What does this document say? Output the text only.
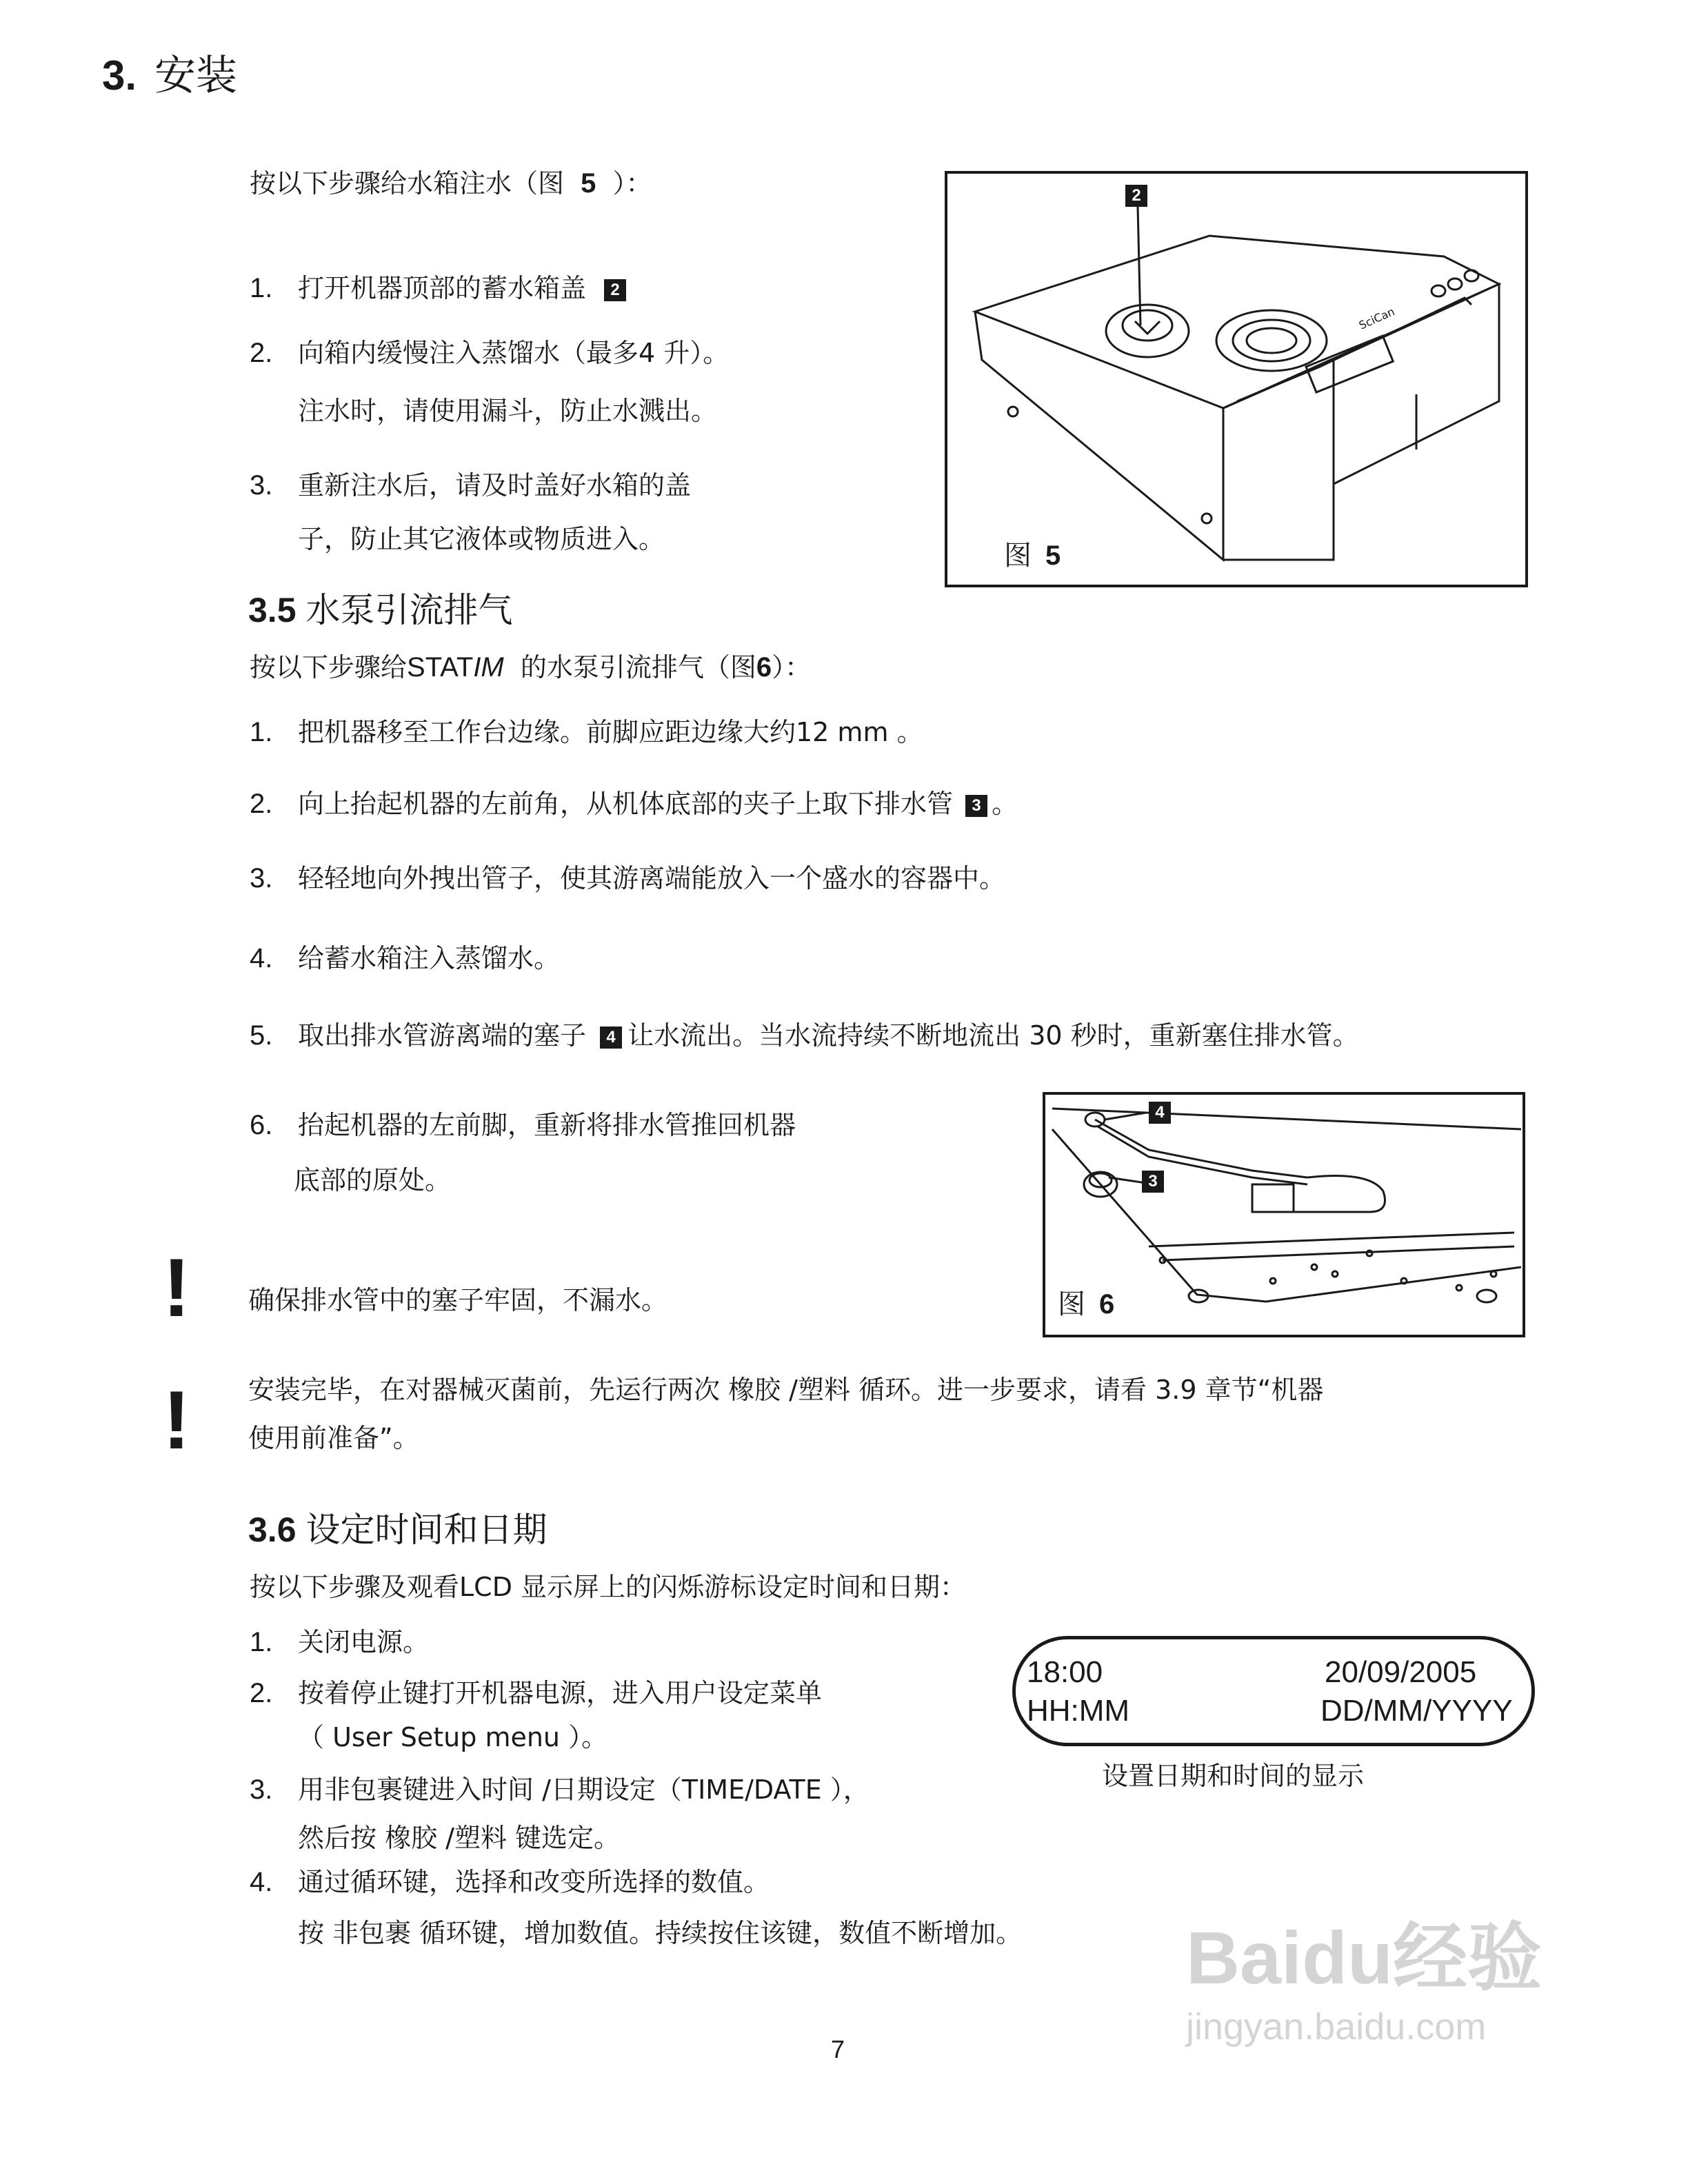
3. 安装
按以下步骤给水箱注水（图 5 ）：
1. 打开机器顶部的蓄水箱盖 2
2. 向箱内缓慢注入蒸馏水（最多4 升）。
注水时，请使用漏斗，防止水溅出。
3. 重新注水后，请及时盖好水箱的盖
子，防止其它液体或物质进入。
SciCan
2
图 5
3.5 水泵引流排气
按以下步骤给STATIM 的水泵引流排气（图6）：
1. 把机器移至工作台边缘。前脚应距边缘大约12 mm 。
2. 向上抬起机器的左前角，从机体底部的夹子上取下排水管 3 。
3. 轻轻地向外拽出管子，使其游离端能放入一个盛水的容器中。
4. 给蓄水箱注入蒸馏水。
5. 取出排水管游离端的塞子 4 让水流出。当水流持续不断地流出 30 秒时，重新塞住排水管。
6. 抬起机器的左前脚，重新将排水管推回机器
底部的原处。
4
3
图 6
! 确保排水管中的塞子牢固，不漏水。
! 安装完毕，在对器械灭菌前，先运行两次 橡胶 /塑料 循环。进一步要求，请看 3.9 章节“机器
使用前准备”。
3.6 设定时间和日期
按以下步骤及观看LCD 显示屏上的闪烁游标设定时间和日期：
1. 关闭电源。
2. 按着停止键打开机器电源，进入用户设定菜单
（ User Setup menu ）。
3. 用非包裹键进入时间 /日期设定（TIME/DATE ），
然后按 橡胶 /塑料 键选定。
4. 通过循环键，选择和改变所选择的数值。
按 非包裹 循环键，增加数值。持续按住该键，数值不断增加。
18:00	20/09/2005
HH:MM	DD/MM/YYYY
设置日期和时间的显示
7
Baidu经验
jingyan.baidu.com
